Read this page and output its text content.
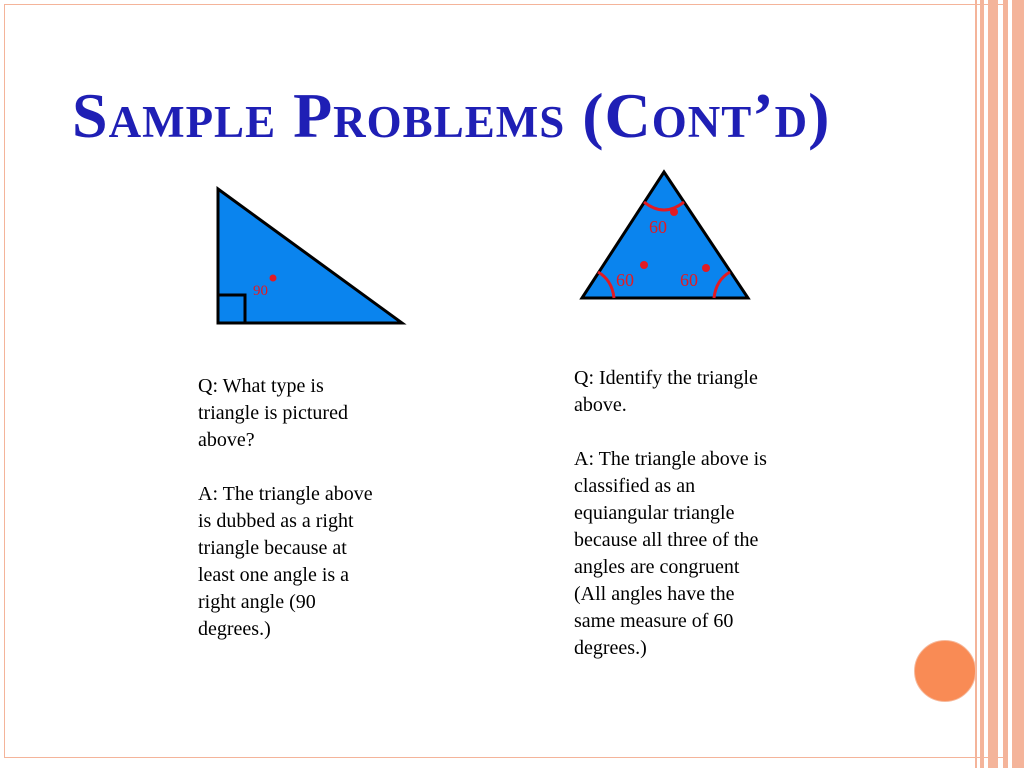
Sample Problems (Cont’d)
90
60
60	60

Q: What type is triangle is pictured above?

A: The triangle above is dubbed as a right triangle because at least one angle is a right angle (90 degrees.)

Q: Identify the triangle above.

A: The triangle above is classified as an equiangular triangle because all three of the angles are congruent (All angles have the same measure of 60 degrees.)
